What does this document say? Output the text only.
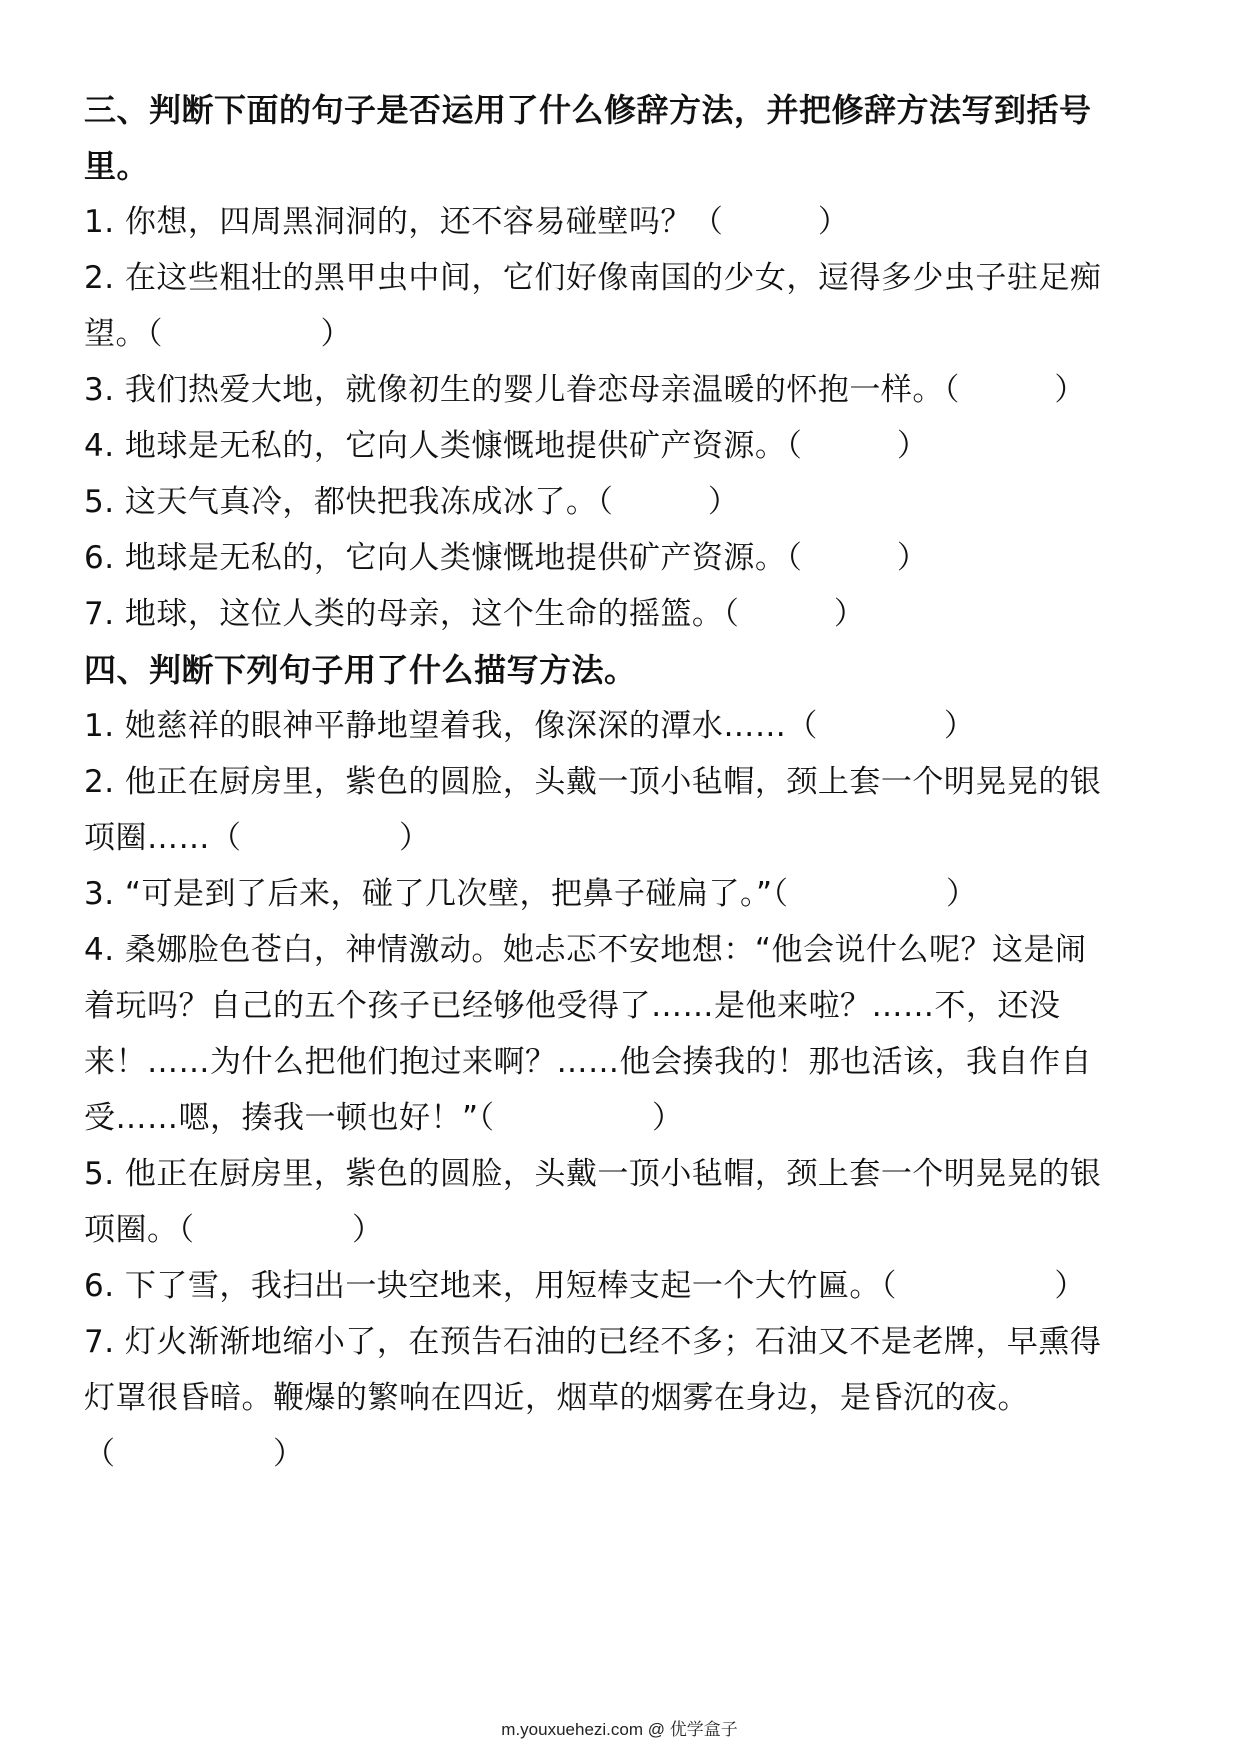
三、判断下面的句子是否运用了什么修辞方法，并把修辞方法写到括号
里。
1. 你想，四周黑洞洞的，还不容易碰壁吗？（　　　）
2. 在这些粗壮的黑甲虫中间，它们好像南国的少女，逗得多少虫子驻足痴
望。（　　　　　）
3. 我们热爱大地，就像初生的婴儿眷恋母亲温暖的怀抱一样。（　　　）
4. 地球是无私的，它向人类慷慨地提供矿产资源。（　　　）
5. 这天气真冷，都快把我冻成冰了。（　　　）
6. 地球是无私的，它向人类慷慨地提供矿产资源。（　　　）
7. 地球，这位人类的母亲，这个生命的摇篮。（　　　）
四、判断下列句子用了什么描写方法。
1. 她慈祥的眼神平静地望着我，像深深的潭水……（　　　　）
2. 他正在厨房里，紫色的圆脸，头戴一顶小毡帽，颈上套一个明晃晃的银
项圈……（　　　　　）
3. “可是到了后来，碰了几次壁，把鼻子碰扁了。”（　　　　　）
4. 桑娜脸色苍白，神情激动。她忐忑不安地想：“他会说什么呢？这是闹
着玩吗？自己的五个孩子已经够他受得了……是他来啦？……不，还没
来！……为什么把他们抱过来啊？……他会揍我的！那也活该，我自作自
受……嗯，揍我一顿也好！”（　　　　　）
5. 他正在厨房里，紫色的圆脸，头戴一顶小毡帽，颈上套一个明晃晃的银
项圈。（　　　　　）
6. 下了雪，我扫出一块空地来，用短棒支起一个大竹匾。（　　　　　）
7. 灯火渐渐地缩小了，在预告石油的已经不多；石油又不是老牌，早熏得
灯罩很昏暗。鞭爆的繁响在四近，烟草的烟雾在身边，是昏沉的夜。
（　　　　　）
m.youxuehezi.com @ 优学盒子
